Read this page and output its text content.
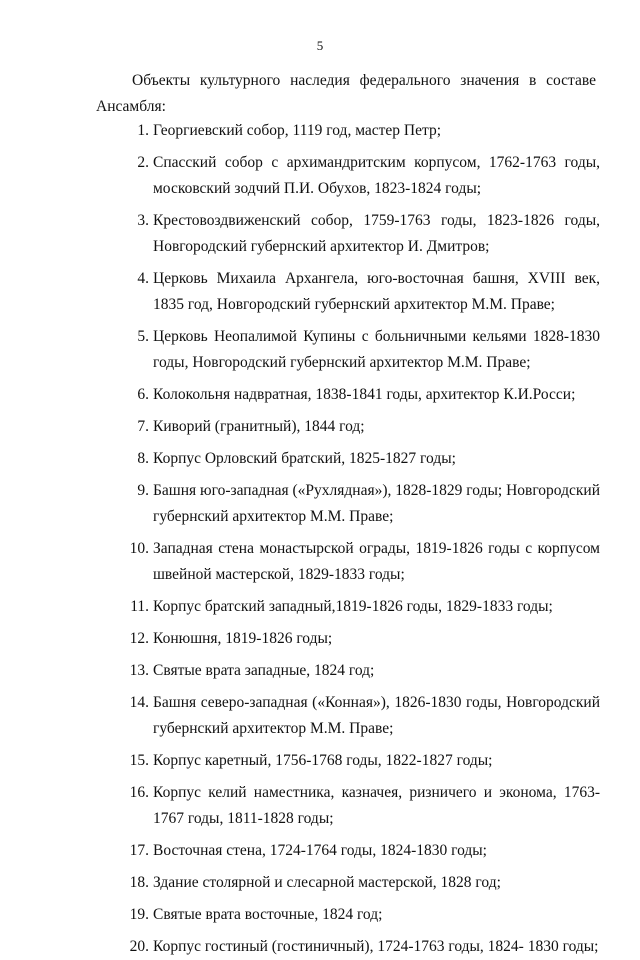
5

Объекты культурного наследия федерального значения в составе

Ансамбля:
1. Георгиевский собор, 1119 год, мастер Петр;
2. Спасский собор с архимандритским корпусом, 1762-1763 годы, московский зодчий П.И. Обухов, 1823-1824 годы;
3. Крестовоздвиженский собор, 1759-1763 годы, 1823-1826 годы, Новгородский губернский архитектор И. Дмитров;
4. Церковь Михаила Архангела, юго-восточная башня, XVIII век, 1835 год, Новгородский губернский архитектор М.М. Праве;
5. Церковь Неопалимой Купины с больничными кельями 1828-1830 годы, Новгородский губернский архитектор М.М. Праве;
6. Колокольня надвратная, 1838-1841 годы, архитектор К.И.Росси;
7. Киворий (гранитный), 1844 год;
8. Корпус Орловский братский, 1825-1827 годы;
9. Башня юго-западная («Рухлядная»), 1828-1829 годы; Новгородский губернский архитектор М.М. Праве;
10. Западная стена монастырской ограды, 1819-1826 годы с корпусом швейной мастерской, 1829-1833 годы;
11. Корпус братский западный,1819-1826 годы, 1829-1833 годы;
12. Конюшня, 1819-1826 годы;
13. Святые врата западные, 1824 год;
14. Башня северо-западная («Конная»), 1826-1830 годы, Новгородский губернский архитектор М.М. Праве;
15. Корпус каретный, 1756-1768 годы, 1822-1827 годы;
16. Корпус келий наместника, казначея, ризничего и эконома, 1763-1767 годы, 1811-1828 годы;
17. Восточная стена, 1724-1764 годы, 1824-1830 годы;
18. Здание столярной и слесарной мастерской, 1828 год;
19. Святые врата восточные, 1824 год;
20. Корпус гостиный (гостиничный), 1724-1763 годы, 1824- 1830 годы;
